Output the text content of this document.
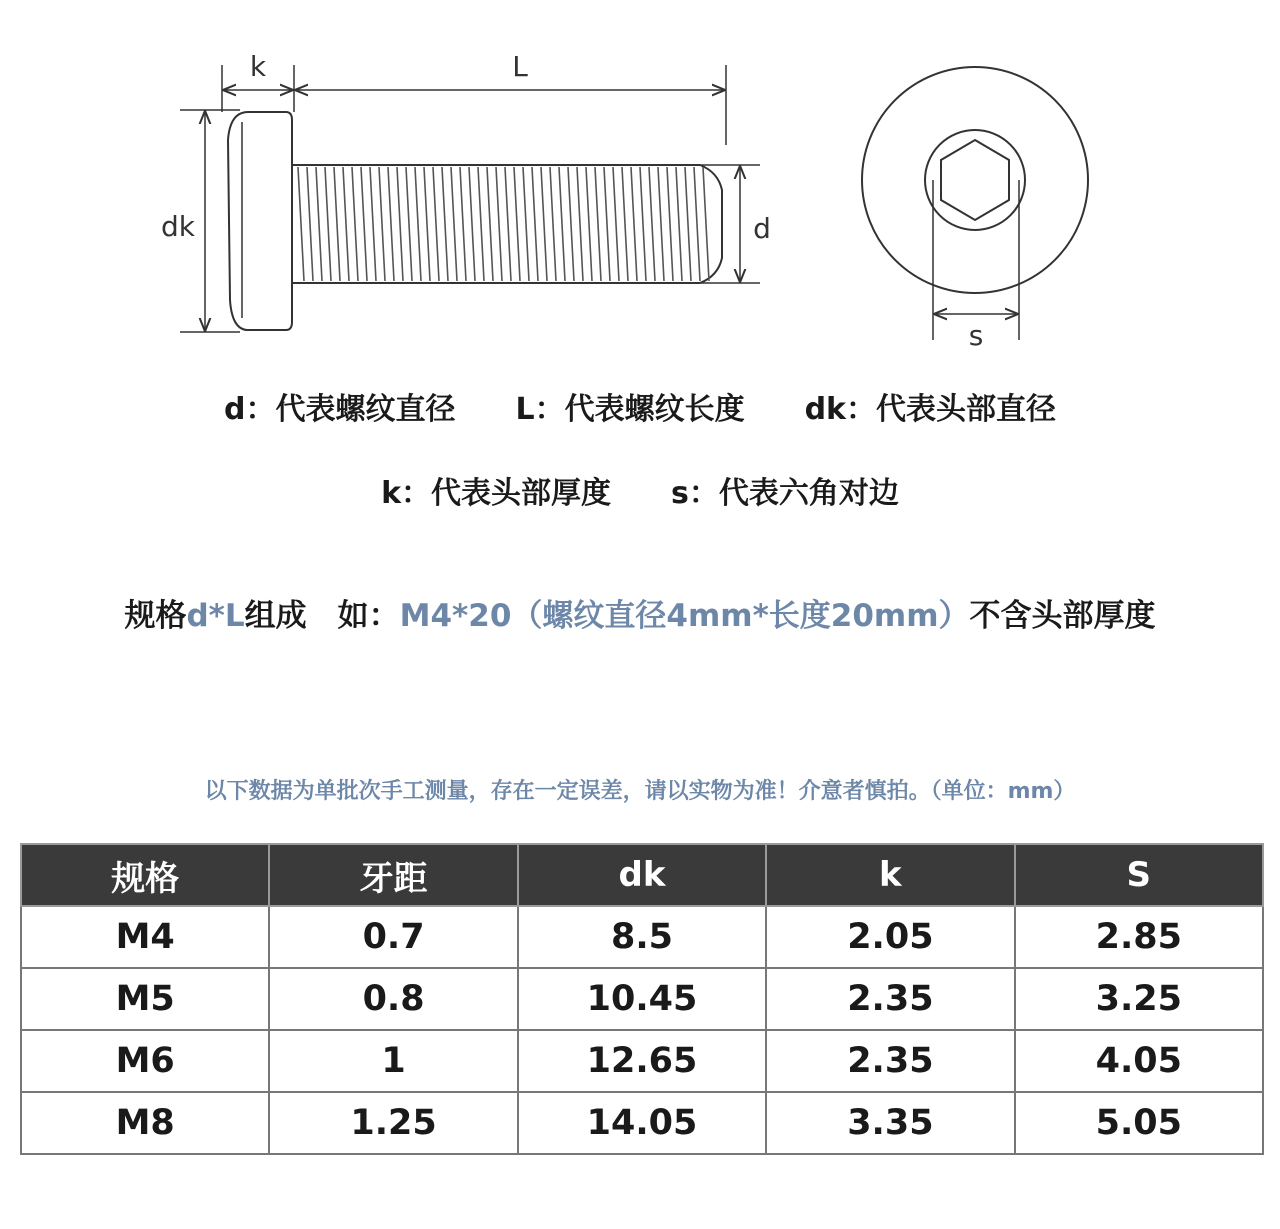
k	L
dk	d
s
d：代表螺纹直径　　 L：代表螺纹长度　　 dk：代表头部直径
k：代表头部厚度　　 s：代表六角对边
规格d*L组成　如：M4*20（螺纹直径4mm*长度20mm）不含头部厚度
以下数据为单批次手工测量，存在一定误差，请以实物为准！介意者慎拍。（单位：mm）
规格	牙距	dk	k	S
M4	0.7	8.5	2.05	2.85
M5	0.8	10.45	2.35	3.25
M6	1	12.65	2.35	4.05
M8	1.25	14.05	3.35	5.05
